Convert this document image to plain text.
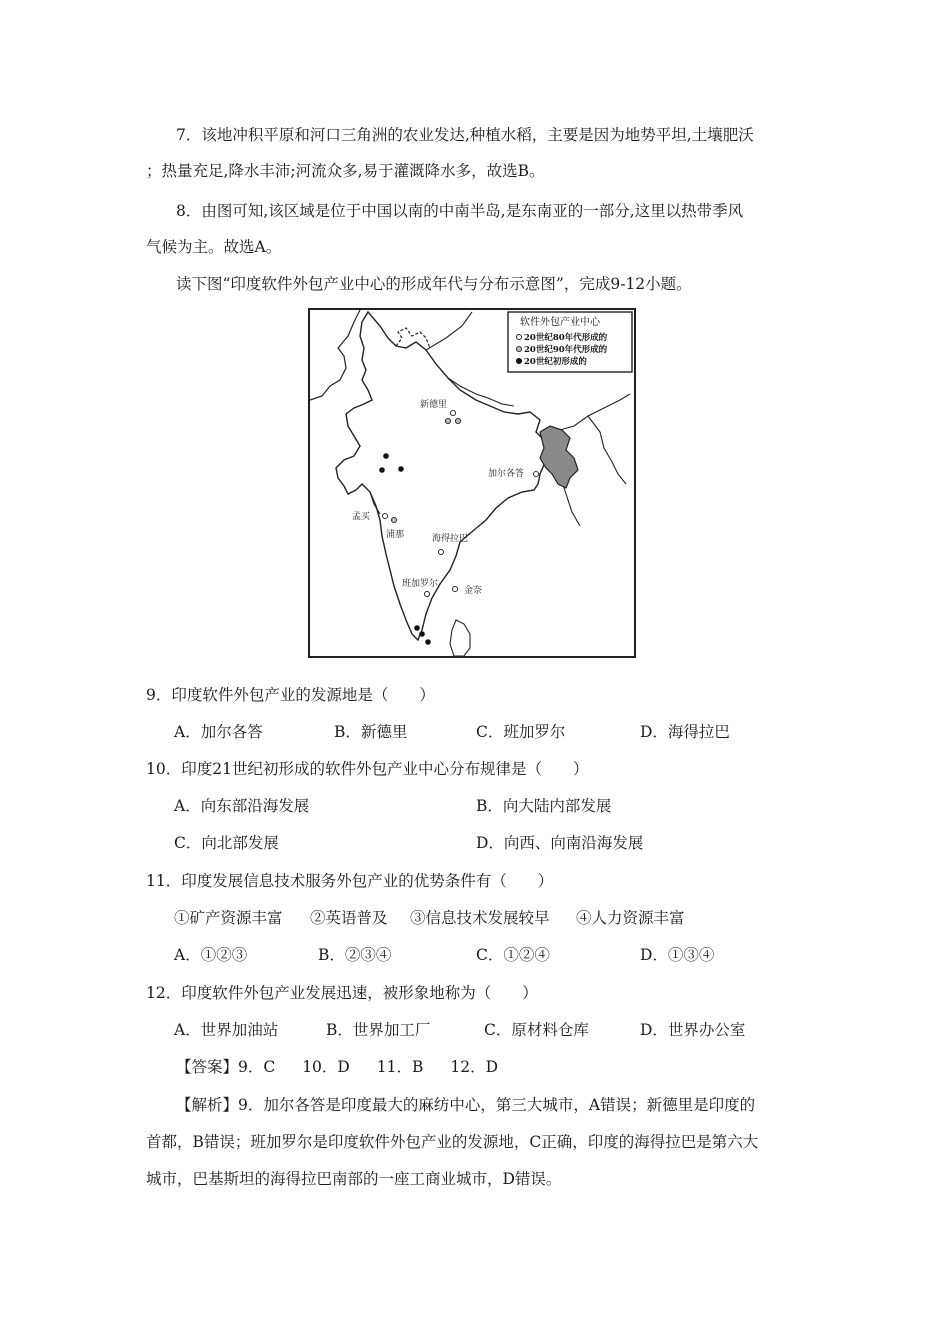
7．该地冲积平原和河口三角洲的农业发达,种植水稻，主要是因为地势平坦,土壤肥沃
；热量充足,降水丰沛;河流众多,易于灌溉降水多，故选B。
8．由图可知,该区域是位于中国以南的中南半岛,是东南亚的一部分,这里以热带季风
气候为主。故选A。
读下图“印度软件外包产业中心的形成年代与分布示意图”，完成9-12小题。
软件外包产业中心
20世纪80年代形成的
20世纪90年代形成的
20世纪初形成的
新德里
加尔各答
孟买
浦那	海得拉巴
班加罗尔
金奈
9．印度软件外包产业的发源地是（　　）
A．加尔各答	B．新德里	C．班加罗尔	D．海得拉巴
10．印度21世纪初形成的软件外包产业中心分布规律是（　　）
A．向东部沿海发展	B．向大陆内部发展
C．向北部发展	D．向西、向南沿海发展
11．印度发展信息技术服务外包产业的优势条件有（　　）
①矿产资源丰富 ②英语普及 ③信息技术发展较早 ④人力资源丰富
A．①②③	B．②③④	C．①②④	D．①③④
12．印度软件外包产业发展迅速，被形象地称为（　　）
A．世界加油站	B．世界加工厂	C．原材料仓库	D．世界办公室
【答案】9．C 10．D 11．B 12．D
【解析】9．加尔各答是印度最大的麻纺中心，第三大城市，A错误；新德里是印度的
首都，B错误；班加罗尔是印度软件外包产业的发源地，C正确，印度的海得拉巴是第六大
城市，巴基斯坦的海得拉巴南部的一座工商业城市，D错误。
